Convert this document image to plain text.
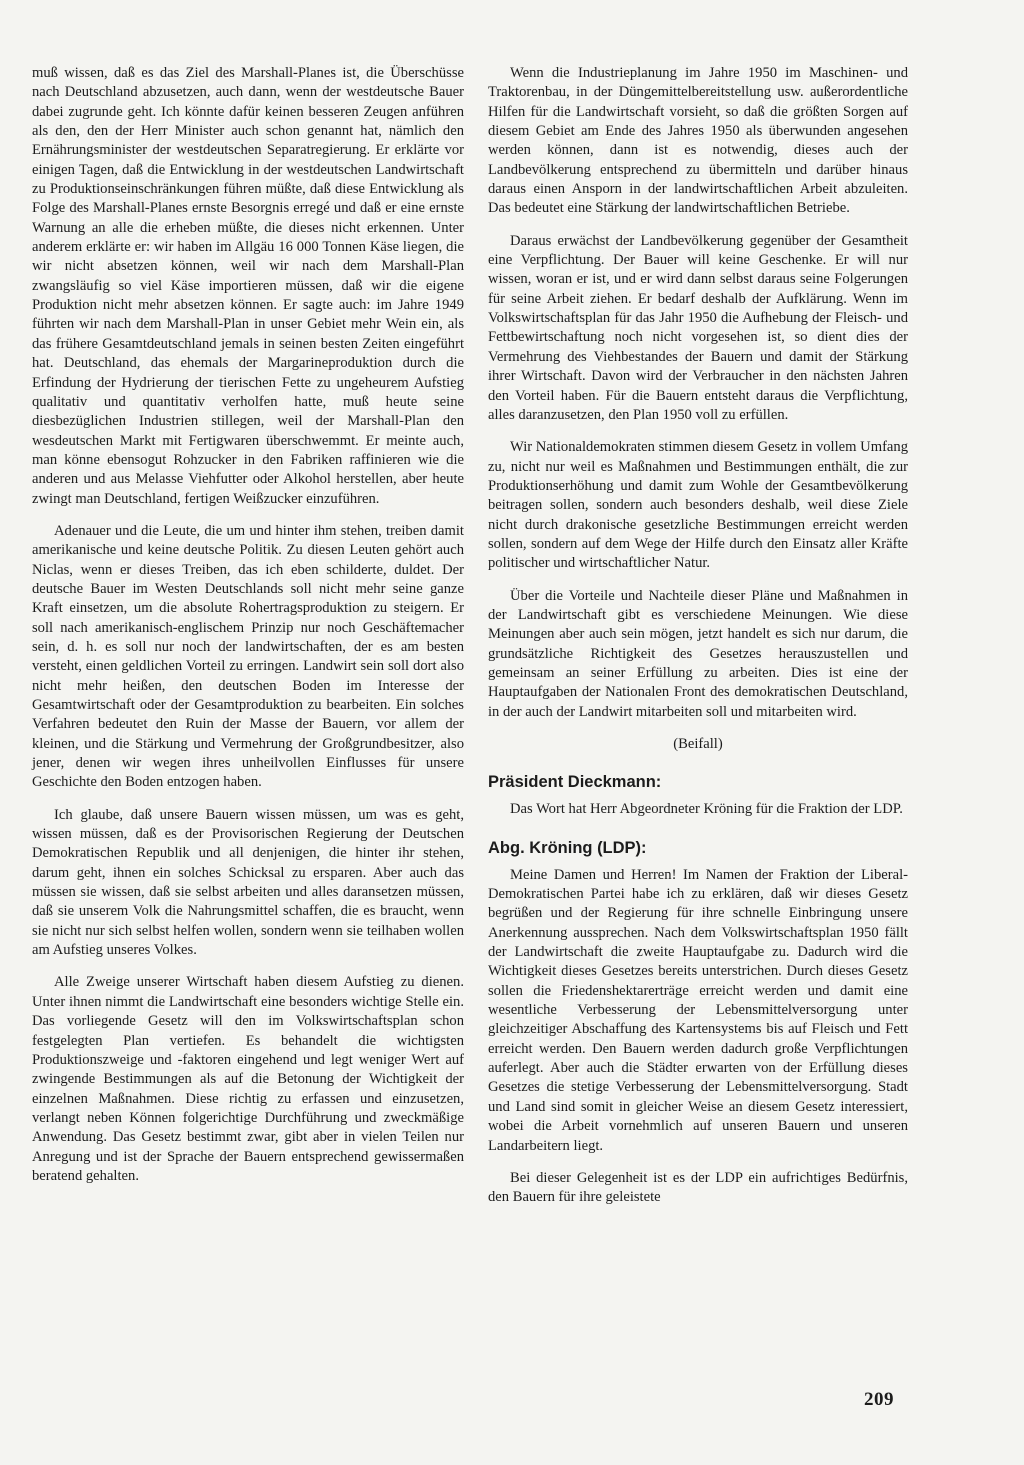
muß wissen, daß es das Ziel des Marshall-Planes ist, die Überschüsse nach Deutschland abzusetzen, auch dann, wenn der westdeutsche Bauer dabei zugrunde geht. Ich könnte dafür keinen besseren Zeugen anführen als den, den der Herr Minister auch schon genannt hat, nämlich den Ernährungsminister der westdeutschen Separatregierung. Er erklärte vor einigen Tagen, daß die Entwicklung in der westdeutschen Landwirtschaft zu Produktionseinschränkungen führen müßte, daß diese Entwicklung als Folge des Marshall-Planes ernste Besorgnis erregé und daß er eine ernste Warnung an alle die erheben müßte, die dieses nicht erkennen. Unter anderem erklärte er: wir haben im Allgäu 16 000 Tonnen Käse liegen, die wir nicht absetzen können, weil wir nach dem Marshall-Plan zwangsläufig so viel Käse importieren müssen, daß wir die eigene Produktion nicht mehr absetzen können. Er sagte auch: im Jahre 1949 führten wir nach dem Marshall-Plan in unser Gebiet mehr Wein ein, als das frühere Gesamtdeutschland jemals in seinen besten Zeiten eingeführt hat. Deutschland, das ehemals der Margarineproduktion durch die Erfindung der Hydrierung der tierischen Fette zu ungeheurem Aufstieg qualitativ und quantitativ verholfen hatte, muß heute seine diesbezüglichen Industrien stillegen, weil der Marshall-Plan den wesdeutschen Markt mit Fertigwaren überschwemmt. Er meinte auch, man könne ebensogut Rohzucker in den Fabriken raffinieren wie die anderen und aus Melasse Viehfutter oder Alkohol herstellen, aber heute zwingt man Deutschland, fertigen Weißzucker einzuführen.

Adenauer und die Leute, die um und hinter ihm stehen, treiben damit amerikanische und keine deutsche Politik. Zu diesen Leuten gehört auch Niclas, wenn er dieses Treiben, das ich eben schilderte, duldet. Der deutsche Bauer im Westen Deutschlands soll nicht mehr seine ganze Kraft einsetzen, um die absolute Rohertragsproduktion zu steigern. Er soll nach amerikanisch-englischem Prinzip nur noch Geschäftemacher sein, d. h. es soll nur noch der landwirtschaften, der es am besten versteht, einen geldlichen Vorteil zu erringen. Landwirt sein soll dort also nicht mehr heißen, den deutschen Boden im Interesse der Gesamtwirtschaft oder der Gesamtproduktion zu bearbeiten. Ein solches Verfahren bedeutet den Ruin der Masse der Bauern, vor allem der kleinen, und die Stärkung und Vermehrung der Großgrundbesitzer, also jener, denen wir wegen ihres unheilvollen Einflusses für unsere Geschichte den Boden entzogen haben.

Ich glaube, daß unsere Bauern wissen müssen, um was es geht, wissen müssen, daß es der Provisorischen Regierung der Deutschen Demokratischen Republik und all denjenigen, die hinter ihr stehen, darum geht, ihnen ein solches Schicksal zu ersparen. Aber auch das müssen sie wissen, daß sie selbst arbeiten und alles daransetzen müssen, daß sie unserem Volk die Nahrungsmittel schaffen, die es braucht, wenn sie nicht nur sich selbst helfen wollen, sondern wenn sie teilhaben wollen am Aufstieg unseres Volkes.

Alle Zweige unserer Wirtschaft haben diesem Aufstieg zu dienen. Unter ihnen nimmt die Landwirtschaft eine besonders wichtige Stelle ein. Das vorliegende Gesetz will den im Volkswirtschaftsplan schon festgelegten Plan vertiefen. Es behandelt die wichtigsten Produktionszweige und -faktoren eingehend und legt weniger Wert auf zwingende Bestimmungen als auf die Betonung der Wichtigkeit der einzelnen Maßnahmen. Diese richtig zu erfassen und einzusetzen, verlangt neben Können folgerichtige Durchführung und zweckmäßige Anwendung. Das Gesetz bestimmt zwar, gibt aber in vielen Teilen nur Anregung und ist der Sprache der Bauern entsprechend gewissermaßen beratend gehalten.

Wenn die Industrieplanung im Jahre 1950 im Maschinen- und Traktorenbau, in der Düngemittelbereitstellung usw. außerordentliche Hilfen für die Landwirtschaft vorsieht, so daß die größten Sorgen auf diesem Gebiet am Ende des Jahres 1950 als überwunden angesehen werden können, dann ist es notwendig, dieses auch der Landbevölkerung entsprechend zu übermitteln und darüber hinaus daraus einen Ansporn in der landwirtschaftlichen Arbeit abzuleiten. Das bedeutet eine Stärkung der landwirtschaftlichen Betriebe.

Daraus erwächst der Landbevölkerung gegenüber der Gesamtheit eine Verpflichtung. Der Bauer will keine Geschenke. Er will nur wissen, woran er ist, und er wird dann selbst daraus seine Folgerungen für seine Arbeit ziehen. Er bedarf deshalb der Aufklärung. Wenn im Volkswirtschaftsplan für das Jahr 1950 die Aufhebung der Fleisch- und Fettbewirtschaftung noch nicht vorgesehen ist, so dient dies der Vermehrung des Viehbestandes der Bauern und damit der Stärkung ihrer Wirtschaft. Davon wird der Verbraucher in den nächsten Jahren den Vorteil haben. Für die Bauern entsteht daraus die Verpflichtung, alles daranzusetzen, den Plan 1950 voll zu erfüllen.

Wir Nationaldemokraten stimmen diesem Gesetz in vollem Umfang zu, nicht nur weil es Maßnahmen und Bestimmungen enthält, die zur Produktionserhöhung und damit zum Wohle der Gesamtbevölkerung beitragen sollen, sondern auch besonders deshalb, weil diese Ziele nicht durch drakonische gesetzliche Bestimmungen erreicht werden sollen, sondern auf dem Wege der Hilfe durch den Einsatz aller Kräfte politischer und wirtschaftlicher Natur.

Über die Vorteile und Nachteile dieser Pläne und Maßnahmen in der Landwirtschaft gibt es verschiedene Meinungen. Wie diese Meinungen aber auch sein mögen, jetzt handelt es sich nur darum, die grundsätzliche Richtigkeit des Gesetzes herauszustellen und gemeinsam an seiner Erfüllung zu arbeiten. Dies ist eine der Hauptaufgaben der Nationalen Front des demokratischen Deutschland, in der auch der Landwirt mitarbeiten soll und mitarbeiten wird.

(Beifall)

Präsident Dieckmann:

Das Wort hat Herr Abgeordneter Kröning für die Fraktion der LDP.

Abg. Kröning (LDP):

Meine Damen und Herren! Im Namen der Fraktion der Liberal-Demokratischen Partei habe ich zu erklären, daß wir dieses Gesetz begrüßen und der Regierung für ihre schnelle Einbringung unsere Anerkennung aussprechen. Nach dem Volkswirtschaftsplan 1950 fällt der Landwirtschaft die zweite Hauptaufgabe zu. Dadurch wird die Wichtigkeit dieses Gesetzes bereits unterstrichen. Durch dieses Gesetz sollen die Friedenshektarerträge erreicht werden und damit eine wesentliche Verbesserung der Lebensmittelversorgung unter gleichzeitiger Abschaffung des Kartensystems bis auf Fleisch und Fett erreicht werden. Den Bauern werden dadurch große Verpflichtungen auferlegt. Aber auch die Städter erwarten von der Erfüllung dieses Gesetzes die stetige Verbesserung der Lebensmittelversorgung. Stadt und Land sind somit in gleicher Weise an diesem Gesetz interessiert, wobei die Arbeit vornehmlich auf unseren Bauern und unseren Landarbeitern liegt.

Bei dieser Gelegenheit ist es der LDP ein aufrichtiges Bedürfnis, den Bauern für ihre geleistete

209
